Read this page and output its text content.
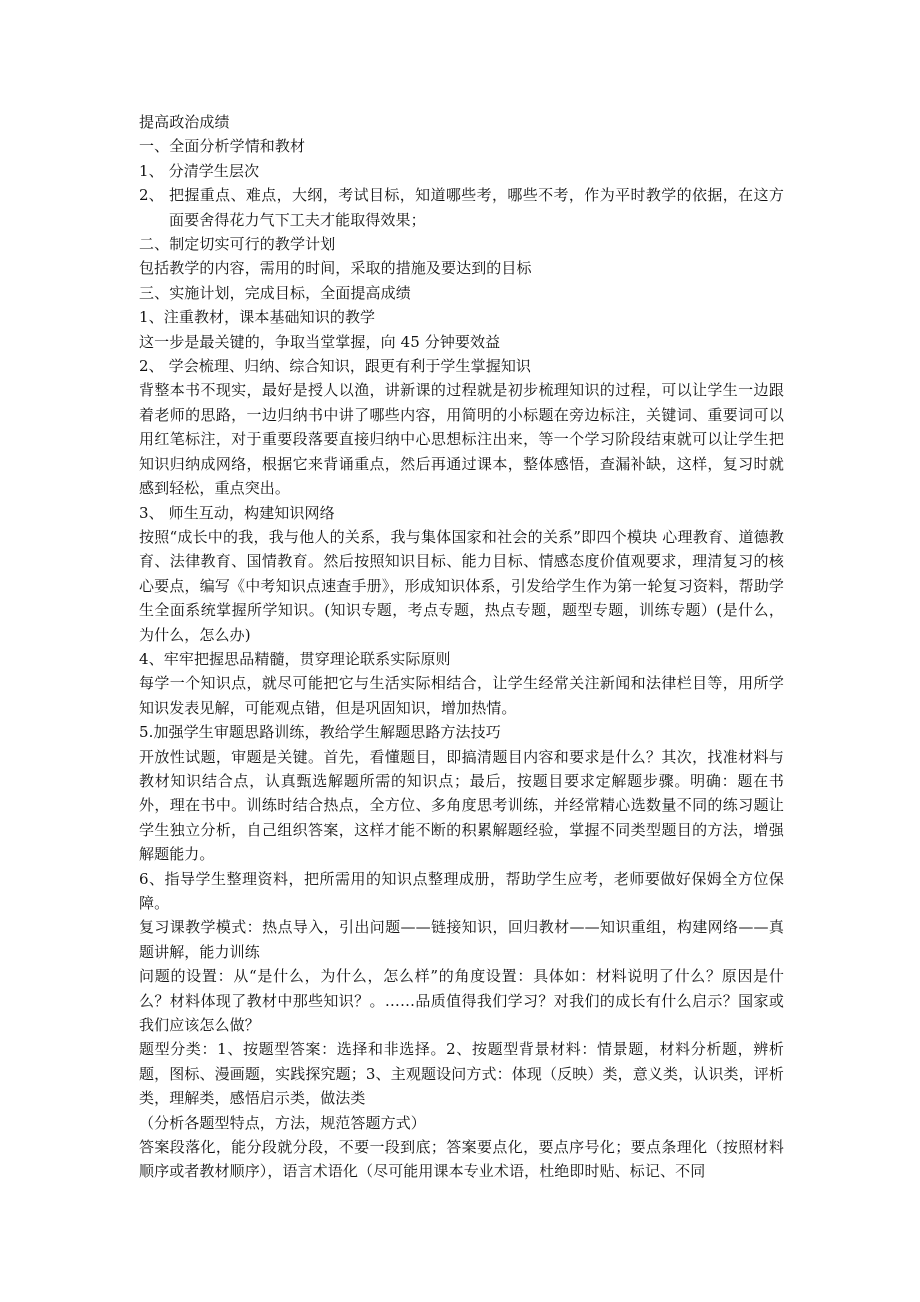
提高政治成绩
一、全面分析学情和教材
1、 分清学生层次
2、 把握重点、难点，大纲，考试目标，知道哪些考，哪些不考，作为平时教学的依据，在这方面要舍得花力气下工夫才能取得效果；
二、制定切实可行的教学计划
包括教学的内容，需用的时间，采取的措施及要达到的目标
三、实施计划，完成目标，全面提高成绩
1、注重教材，课本基础知识的教学
这一步是最关键的，争取当堂掌握，向 45 分钟要效益
2、 学会梳理、归纳、综合知识，跟更有利于学生掌握知识
背整本书不现实，最好是授人以渔，讲新课的过程就是初步梳理知识的过程，可以让学生一边跟着老师的思路，一边归纳书中讲了哪些内容，用简明的小标题在旁边标注，关键词、重要词可以用红笔标注，对于重要段落要直接归纳中心思想标注出来，等一个学习阶段结束就可以让学生把知识归纳成网络，根据它来背诵重点，然后再通过课本，整体感悟，查漏补缺，这样，复习时就感到轻松，重点突出。
3、 师生互动，构建知识网络
按照“成长中的我，我与他人的关系，我与集体国家和社会的关系”即四个模块 心理教育、道德教育、法律教育、国情教育。然后按照知识目标、能力目标、情感态度价值观要求，理清复习的核心要点，编写《中考知识点速查手册》，形成知识体系，引发给学生作为第一轮复习资料，帮助学生全面系统掌握所学知识。(知识专题，考点专题，热点专题，题型专题，训练专题）(是什么，为什么，怎么办)
4、牢牢把握思品精髓，贯穿理论联系实际原则
每学一个知识点，就尽可能把它与生活实际相结合，让学生经常关注新闻和法律栏目等，用所学知识发表见解，可能观点错，但是巩固知识，增加热情。
5.加强学生审题思路训练，教给学生解题思路方法技巧
开放性试题，审题是关键。首先，看懂题目，即搞清题目内容和要求是什么？其次，找准材料与教材知识结合点，认真甄选解题所需的知识点；最后，按题目要求定解题步骤。明确：题在书外，理在书中。训练时结合热点，全方位、多角度思考训练，并经常精心选数量不同的练习题让学生独立分析，自己组织答案，这样才能不断的积累解题经验，掌握不同类型题目的方法，增强解题能力。
6、指导学生整理资料，把所需用的知识点整理成册，帮助学生应考，老师要做好保姆全方位保障。
复习课教学模式：热点导入，引出问题——链接知识，回归教材——知识重组，构建网络——真题讲解，能力训练
问题的设置：从“是什么，为什么，怎么样”的角度设置：具体如：材料说明了什么？原因是什么？材料体现了教材中那些知识？。……品质值得我们学习？对我们的成长有什么启示？国家或我们应该怎么做？
题型分类：1、按题型答案：选择和非选择。2、按题型背景材料：情景题，材料分析题，辨析题，图标、漫画题，实践探究题；3、主观题设问方式：体现（反映）类，意义类，认识类，评析类，理解类，感悟启示类，做法类
（分析各题型特点，方法，规范答题方式）
答案段落化，能分段就分段，不要一段到底；答案要点化，要点序号化；要点条理化（按照材料顺序或者教材顺序），语言术语化（尽可能用课本专业术语，杜绝即时贴、标记、不同
